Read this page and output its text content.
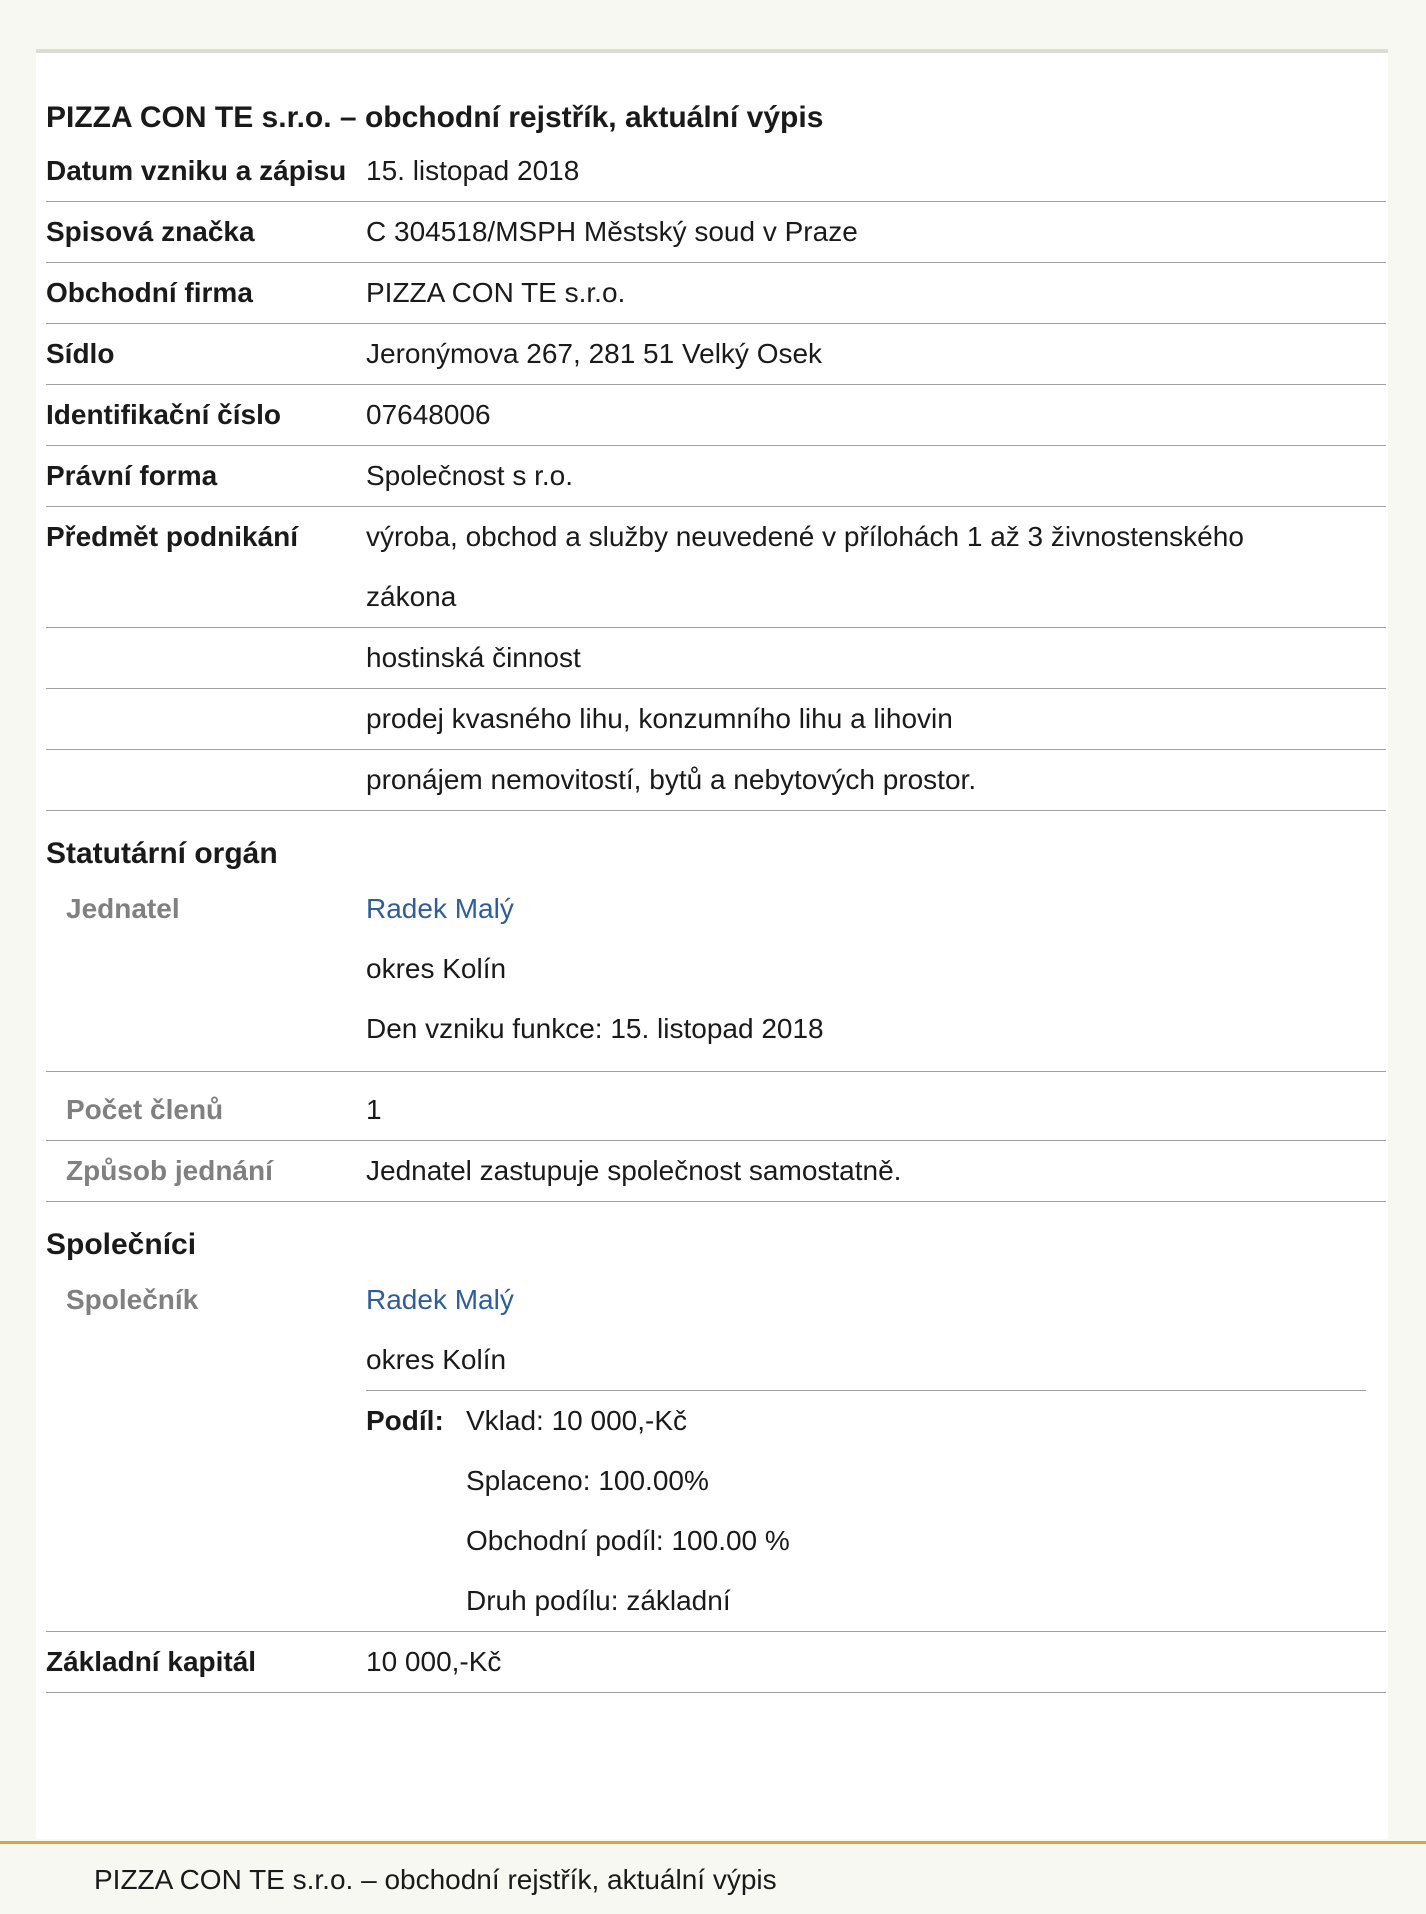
PIZZA CON TE s.r.o. – obchodní rejstřík, aktuální výpis
Datum vzniku a zápisu 15. listopad 2018
Spisová značka	C 304518/MSPH Městský soud v Praze
Obchodní firma	PIZZA CON TE s.r.o.
Sídlo	Jeronýmova 267, 281 51 Velký Osek
Identifikační číslo	07648006
Právní forma	Společnost s r.o.
Předmět podnikání	výroba, obchod a služby neuvedené v přílohách 1 až 3 živnostenského zákona
hostinská činnost
prodej kvasného lihu, konzumního lihu a lihovin
pronájem nemovitostí, bytů a nebytových prostor.
Statutární orgán
Jednatel	Radek Malý
okres Kolín
Den vzniku funkce: 15. listopad 2018
Počet členů	1
Způsob jednání	Jednatel zastupuje společnost samostatně.
Společníci
Společník	Radek Malý
okres Kolín
Podíl: Vklad: 10 000,-Kč
Splaceno: 100.00%
Obchodní podíl: 100.00 %
Druh podílu: základní
Základní kapitál	10 000,-Kč
PIZZA CON TE s.r.o. – obchodní rejstřík, aktuální výpis
